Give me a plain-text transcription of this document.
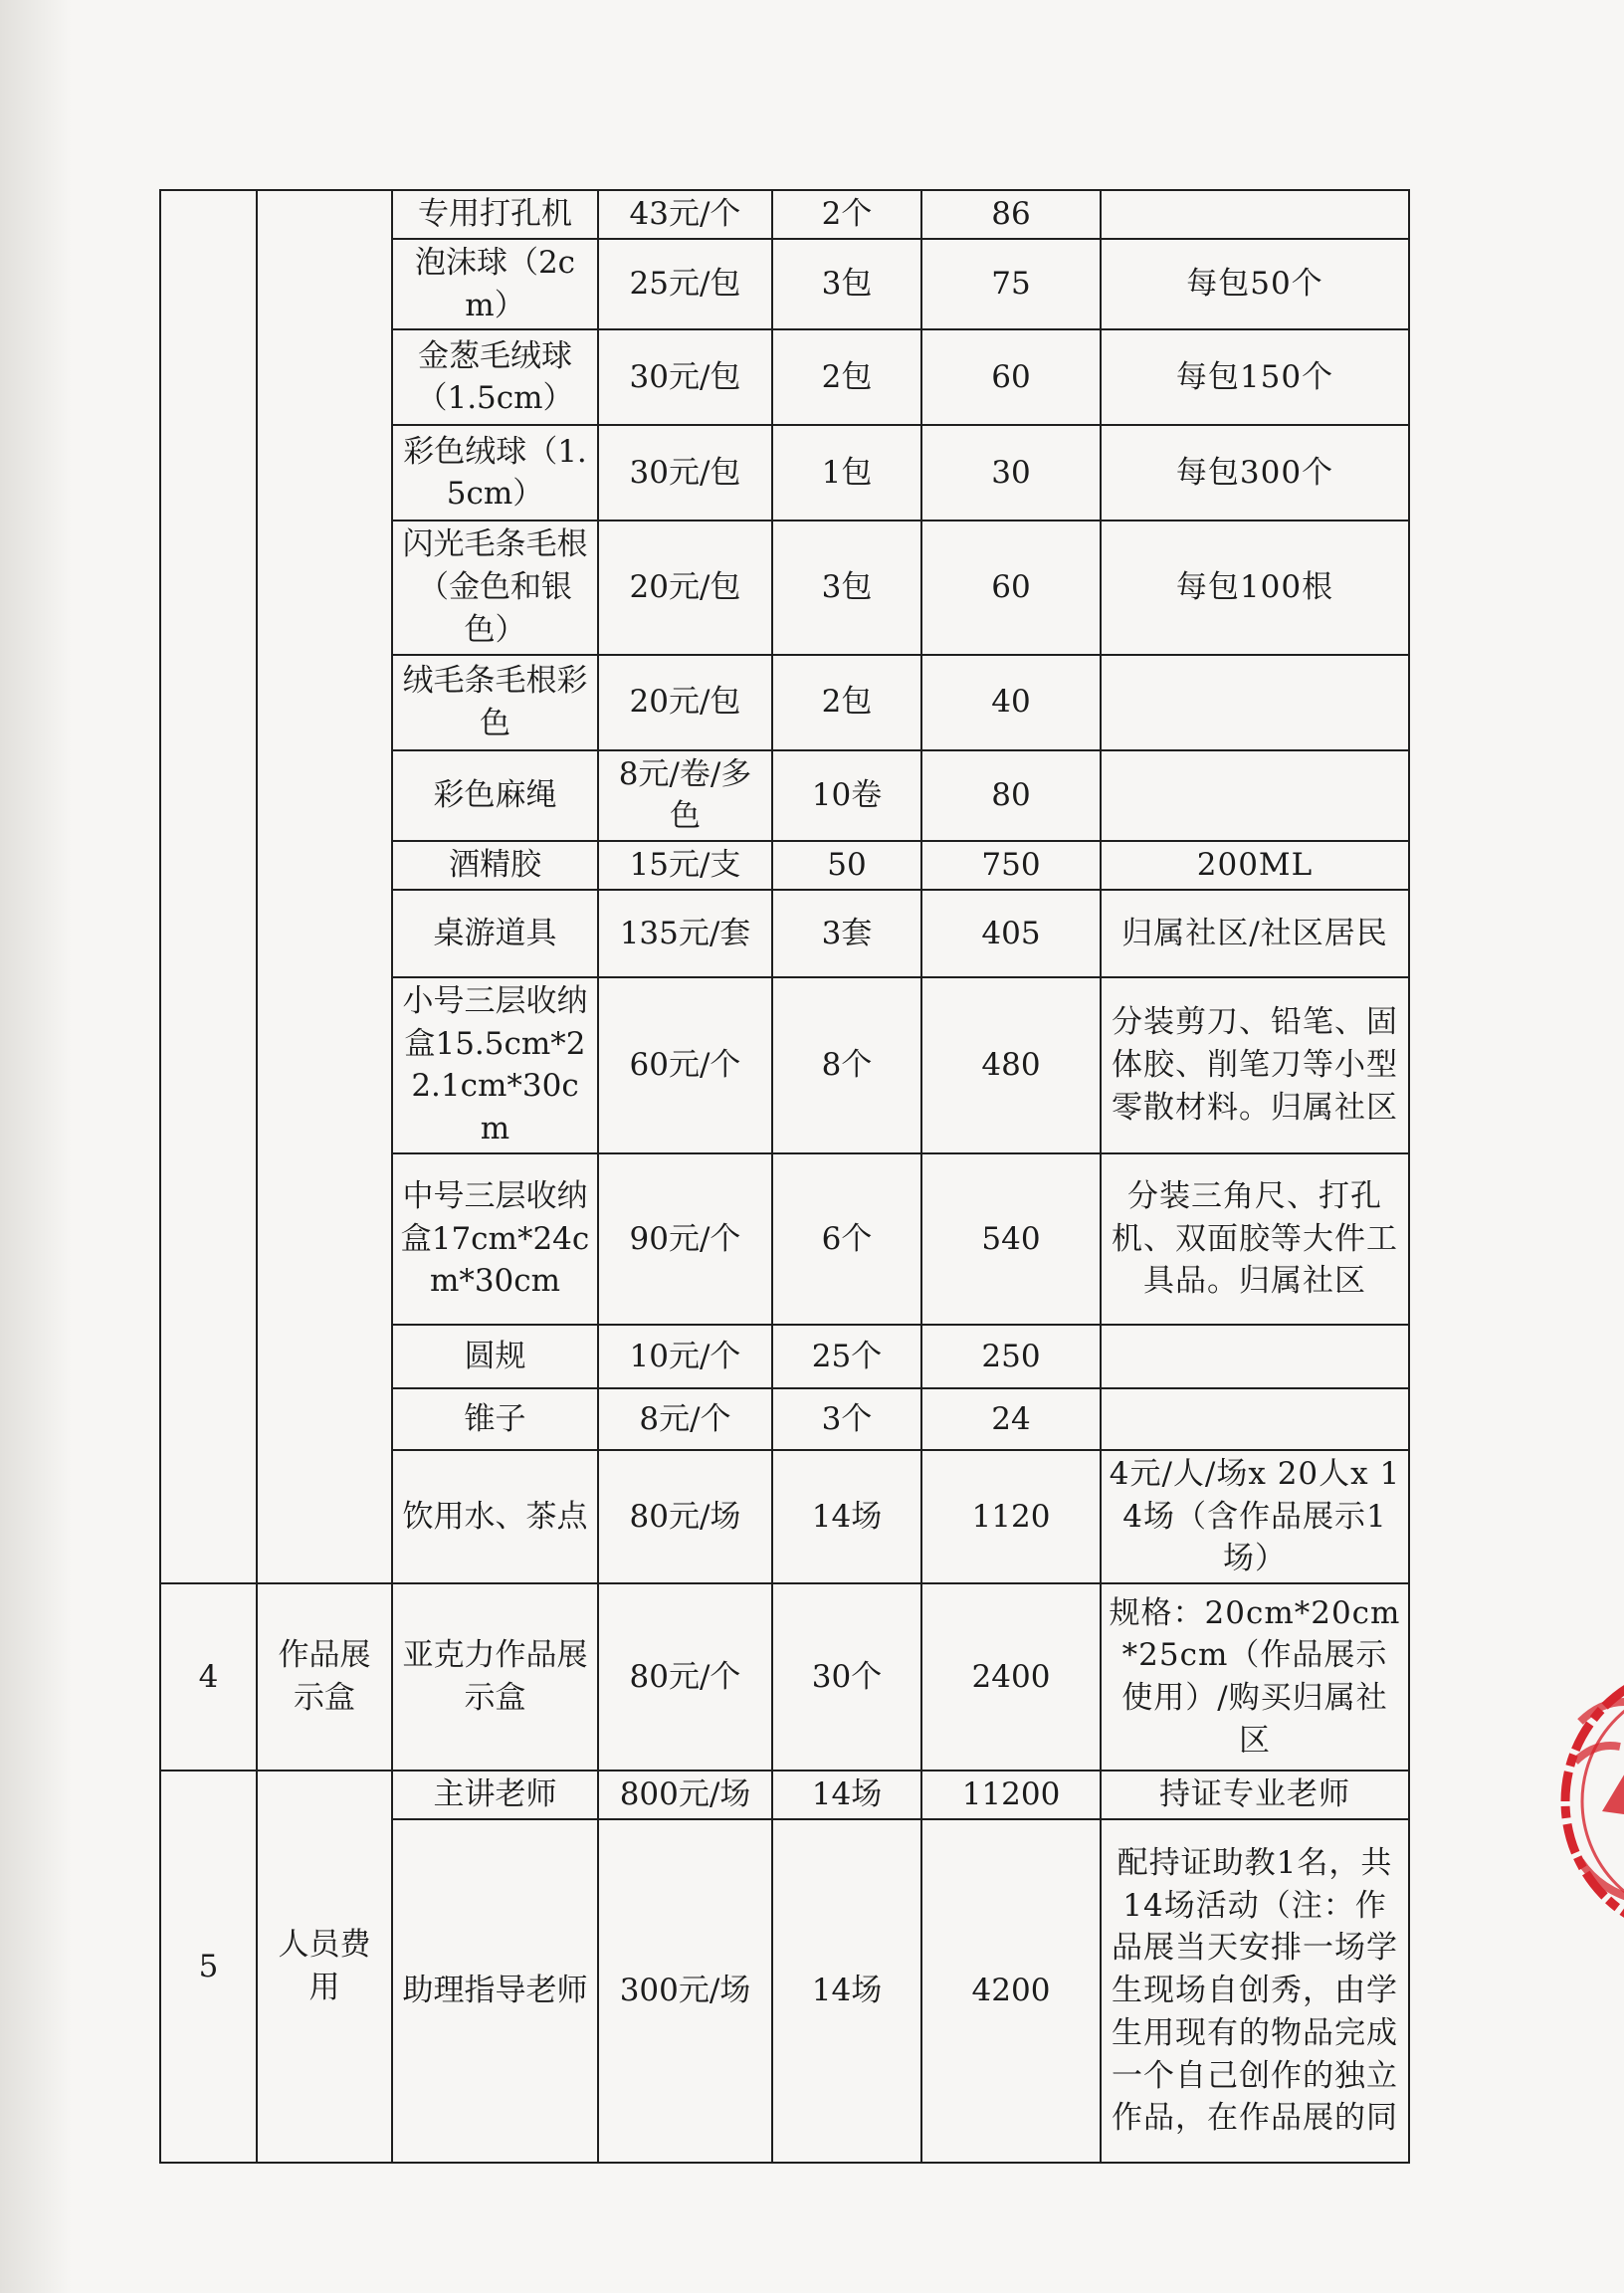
		专用打孔机	43元/个	2个	86	
		泡沫球（2cm）	25元/包	3包	75	每包50个
		金葱毛绒球（1.5cm）	30元/包	2包	60	每包150个
		彩色绒球（1.5cm）	30元/包	1包	30	每包300个
		闪光毛条毛根（金色和银色）	20元/包	3包	60	每包100根
		绒毛条毛根彩色	20元/包	2包	40	
		彩色麻绳	8元/卷/多色	10卷	80	
		酒精胶	15元/支	50	750	200ML
		桌游道具	135元/套	3套	405	归属社区/社区居民
		小号三层收纳盒15.5cm*22.1cm*30cm	60元/个	8个	480	分装剪刀、铅笔、固体胶、削笔刀等小型零散材料。归属社区
		中号三层收纳盒17cm*24cm*30cm	90元/个	6个	540	分装三角尺、打孔机、双面胶等大件工具品。归属社区
		圆规	10元/个	25个	250	
		锥子	8元/个	3个	24	
		饮用水、茶点	80元/场	14场	1120	4元/人/场x 20人x 14场（含作品展示1场）
4	作品展示盒	亚克力作品展示盒	80元/个	30个	2400	规格：20cm*20cm*25cm（作品展示使用）/购买归属社区
5	人员费用	主讲老师	800元/场	14场	11200	持证专业老师
		助理指导老师	300元/场	14场	4200	配持证助教1名，共14场活动（注：作品展当天安排一场学生现场自创秀，由学生用现有的物品完成一个自己创作的独立作品，在作品展的同
